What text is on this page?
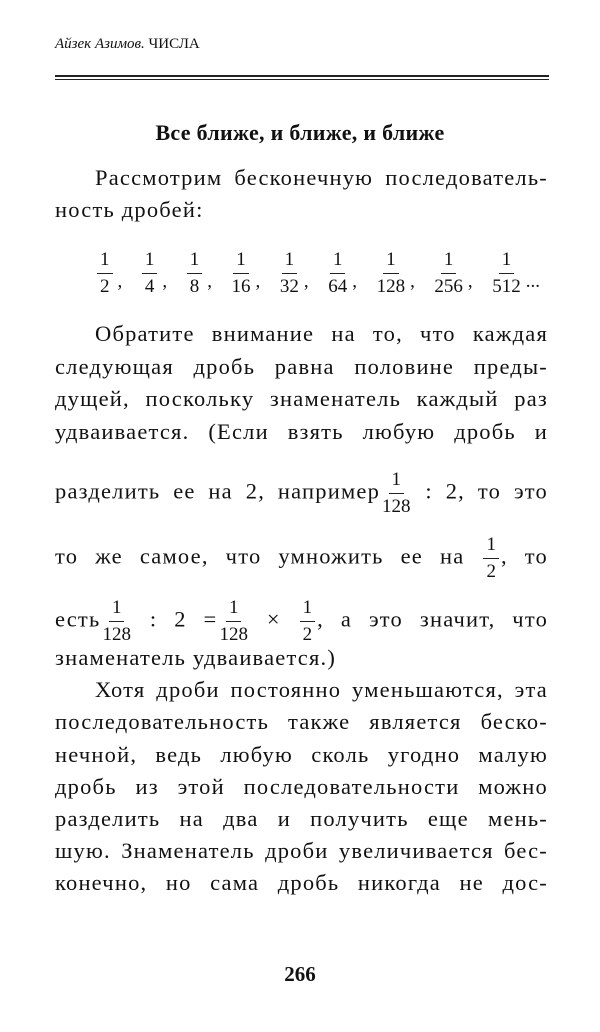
Айзек Азимов. ЧИСЛА
Все ближе, и ближе, и ближе
Рассмотрим бесконечную последователь-
ность дробей:
$\frac{1}{2}$ , $\frac{1}{4}$ , $\frac{1}{8}$ , $\frac{1}{16}$ , $\frac{1}{32}$ , $\frac{1}{64}$ , $\frac{1}{128}$ , $\frac{1}{256}$ , $\frac{1}{512}$ ...
Обратите внимание на то, что каждая
следующая дробь равна половине преды-
дущей, поскольку знаменатель каждый раз
удваивается. (Если взять любую дробь и
разделить ее на 2, например $\frac{1}{128}$ : 2, то это
то же самое, что умножить ее на $\frac{1}{2}$ , то
есть $\frac{1}{128}$ : $2 = \frac{1}{128} \times \frac{1}{2}$ , а это значит, что
знаменатель удваивается.)
Хотя дроби постоянно уменьшаются, эта
последовательность также является беско-
нечной, ведь любую сколь угодно малую
дробь из этой последовательности можно
разделить на два и получить еще мень-
шую. Знаменатель дроби увеличивается бес-
конечно, но сама дробь никогда не дос-
266
